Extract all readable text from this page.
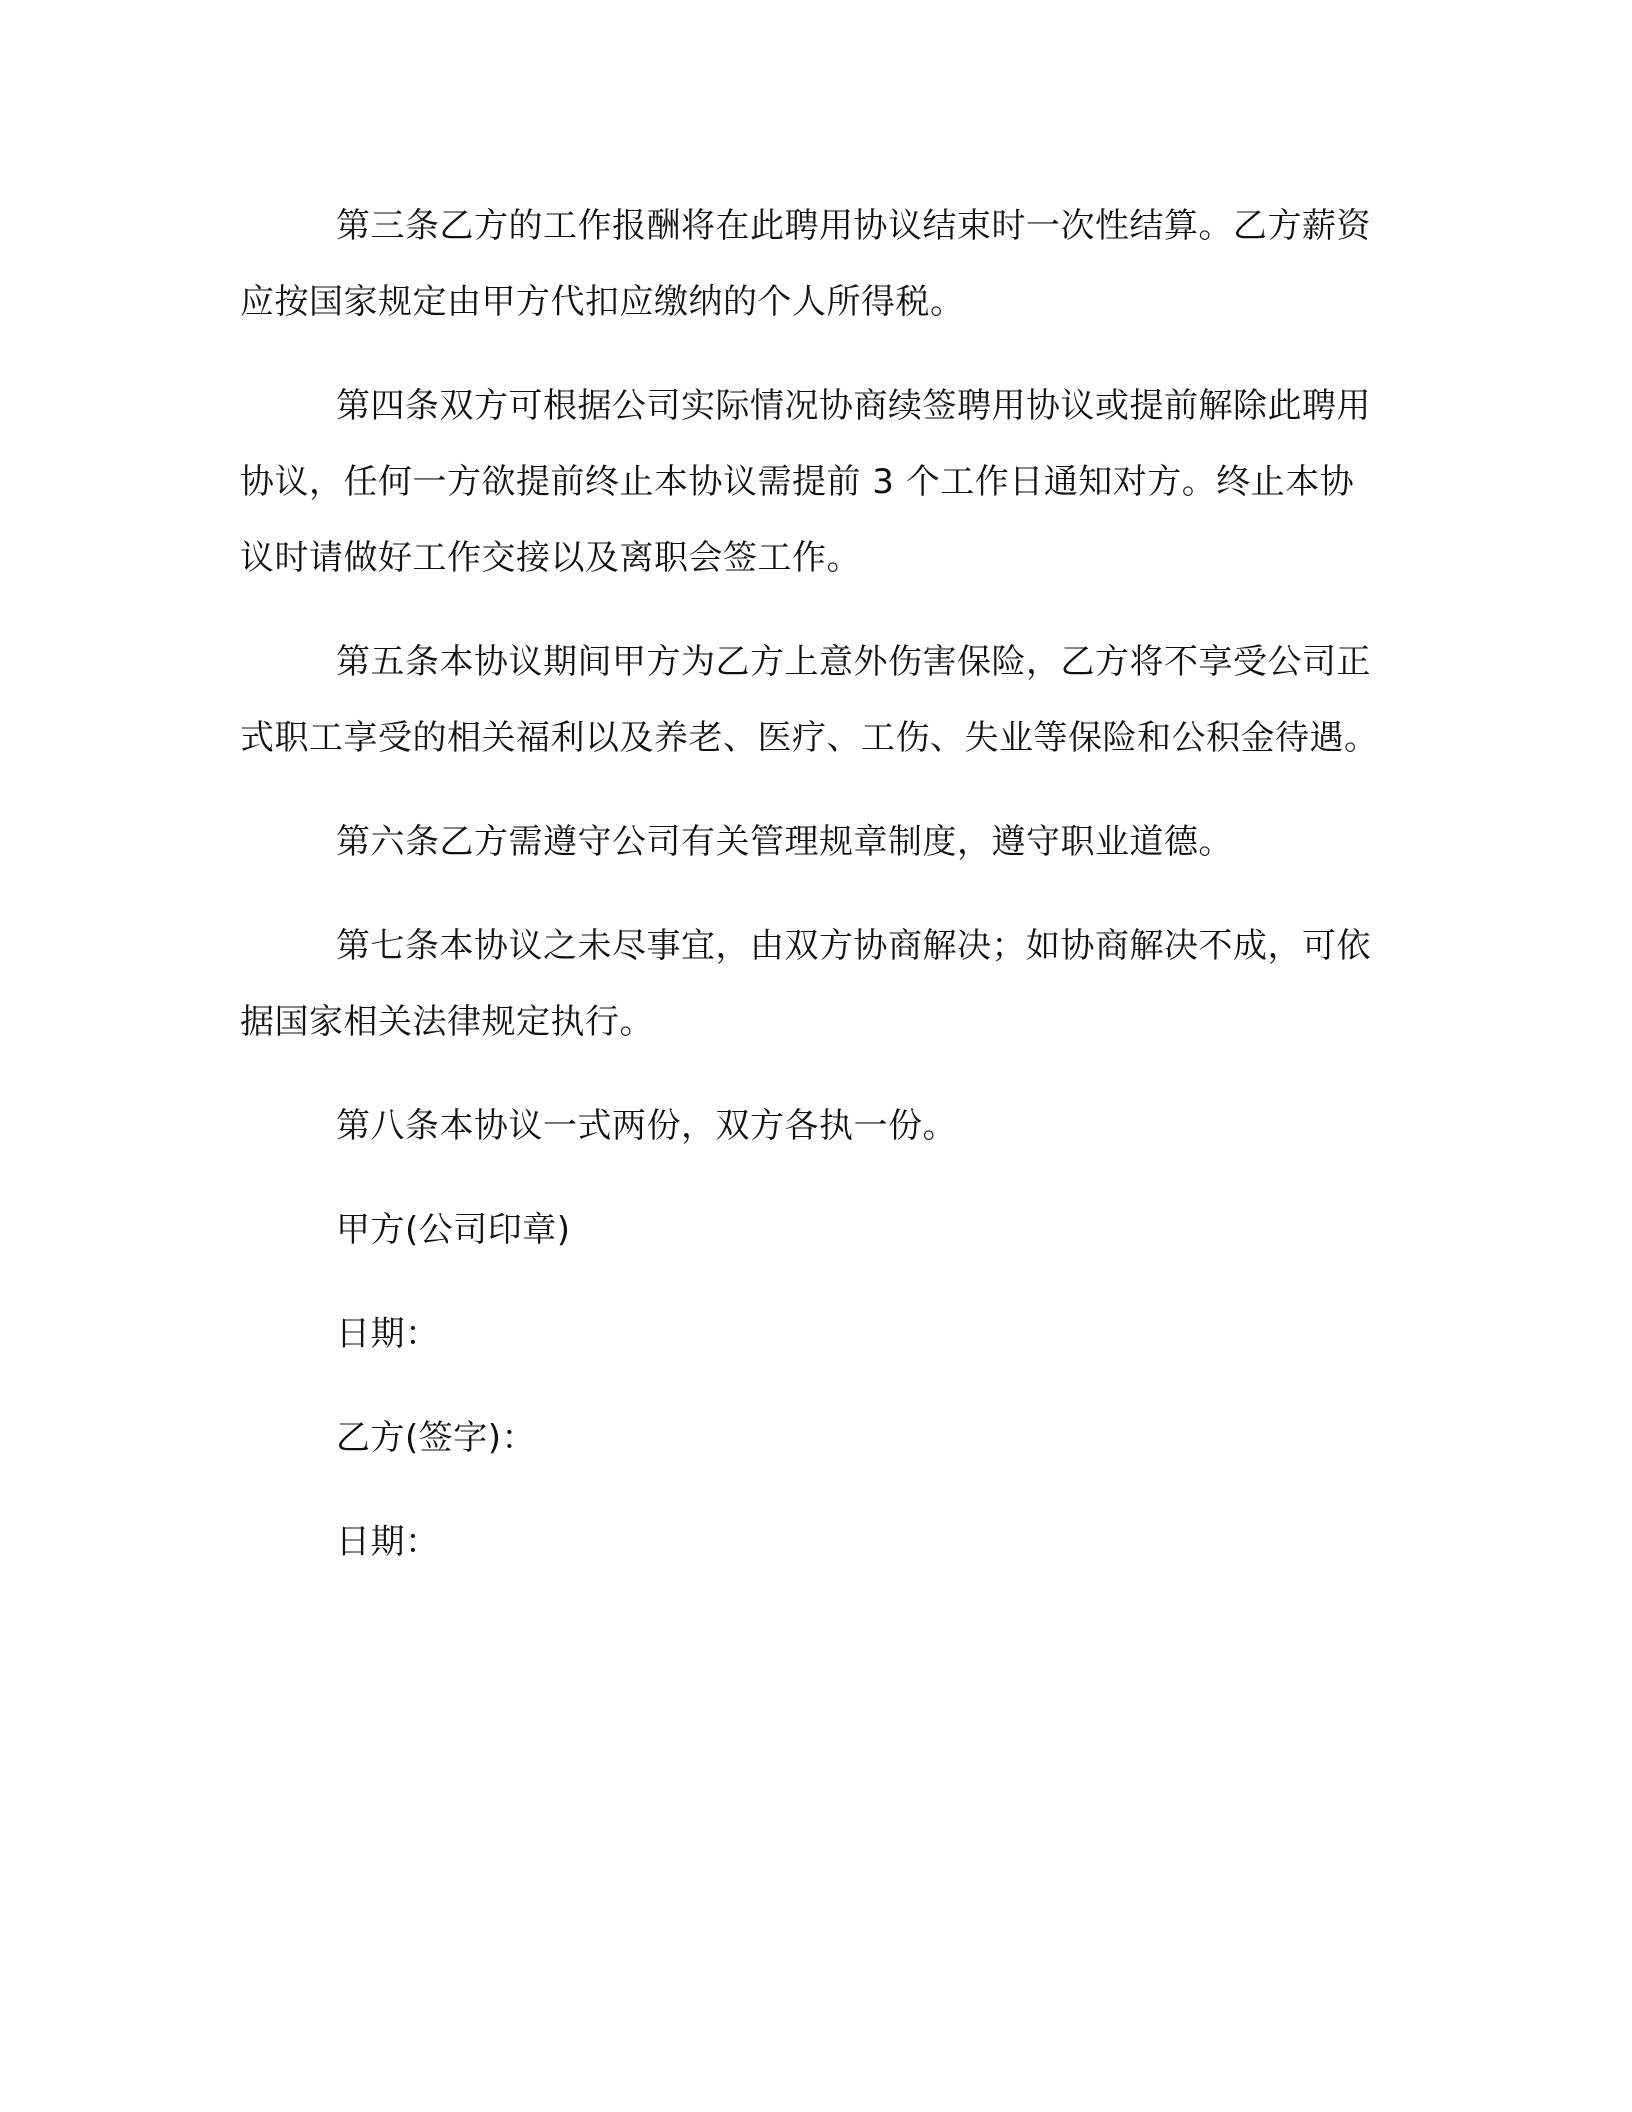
第三条乙方的工作报酬将在此聘用协议结束时一次性结算。乙方薪资应按国家规定由甲方代扣应缴纳的个人所得税。

第四条双方可根据公司实际情况协商续签聘用协议或提前解除此聘用协议，任何一方欲提前终止本协议需提前 3 个工作日通知对方。终止本协议时请做好工作交接以及离职会签工作。

第五条本协议期间甲方为乙方上意外伤害保险，乙方将不享受公司正式职工享受的相关福利以及养老、医疗、工伤、失业等保险和公积金待遇。

第六条乙方需遵守公司有关管理规章制度，遵守职业道德。

第七条本协议之未尽事宜，由双方协商解决；如协商解决不成，可依据国家相关法律规定执行。

第八条本协议一式两份，双方各执一份。

甲方(公司印章)

日期：

乙方(签字)：

日期：
